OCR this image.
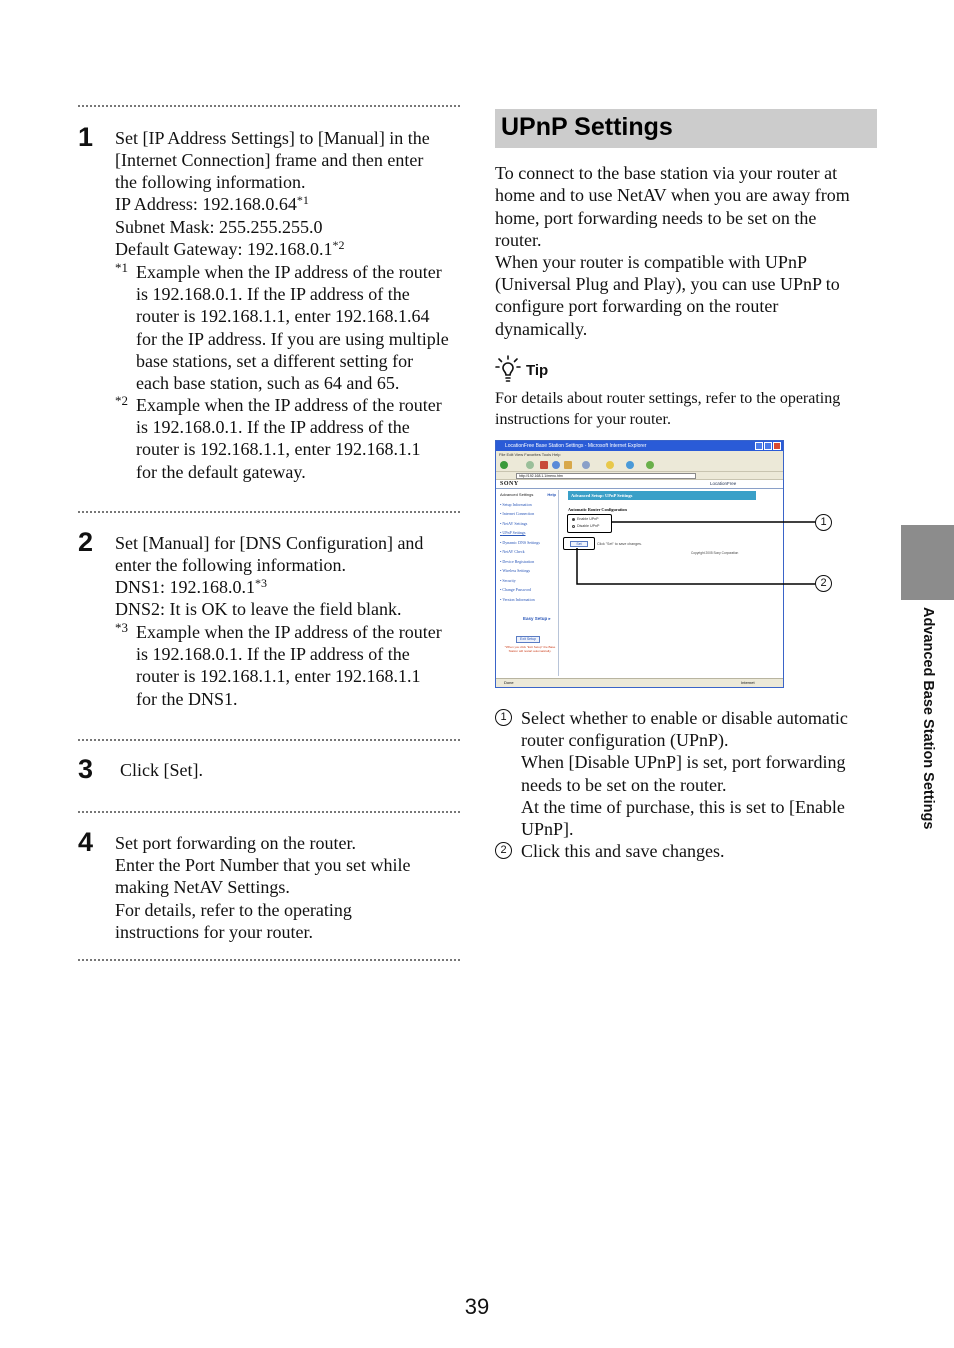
1 Set [IP Address Settings] to [Manual] in the
[Internet Connection] frame and then enter
the following information.
IP Address: 192.168.0.64$^{*1}$
Subnet Mask: 255.255.255.0
Default Gateway: 192.168.0.1$^{*2}$
*1 Example when the IP address of the router
is 192.168.0.1. If the IP address of the
router is 192.168.1.1, enter 192.168.1.64
for the IP address. If you are using multiple
base stations, set a different setting for
each base station, such as 64 and 65.
*2 Example when the IP address of the router
is 192.168.0.1. If the IP address of the
router is 192.168.1.1, enter 192.168.1.1
for the default gateway.
2 Set [Manual] for [DNS Configuration] and
enter the following information.
DNS1: 192.168.0.1$^{*3}$
DNS2: It is OK to leave the field blank.
*3 Example when the IP address of the router
is 192.168.0.1. If the IP address of the
router is 192.168.1.1, enter 192.168.1.1
for the DNS1.
3 Click [Set].
4 Set port forwarding on the router.
Enter the Port Number that you set while
making NetAV Settings.
For details, refer to the operating
instructions for your router.
UPnP Settings
To connect to the base station via your router at
home and to use NetAV when you are away from
home, port forwarding needs to be set on the
router.
When your router is compatible with UPnP
(Universal Plug and Play), you can use UPnP to
configure port forwarding on the router
dynamically.
Tip
For details about router settings, refer to the operating
instructions for your router.
LocationFree Base Station Settings - Microsoft Internet Explorer
File Edit View Favorites Tools Help
http://192.168.1.1/menu.htm
SONY	LocationFree
Advanced Settings	Help
• Setup Information
• Internet Connection
• NetAV Settings
• UPnP Settings
• Dynamic DNS Settings
• NetAV Check
• Device Registration
• Wireless Settings
• Security
• Change Password
• Version Information
Easy Setup ▸
Exit Setup
*When you click "Exit Setup" the Base Station will restart automatically.
Advanced Setup: UPnP Settings
Automatic Router Configuration
Enable UPnP
Disable UPnP
Set	Click "Set" to save changes.
Copyright 2005 Sony Corporation
Done	Internet
1
2
1 Select whether to enable or disable automatic
router configuration (UPnP).
When [Disable UPnP] is set, port forwarding
needs to be set on the router.
At the time of purchase, this is set to [Enable
UPnP].
2 Click this and save changes.
Advanced Base Station Settings
39
